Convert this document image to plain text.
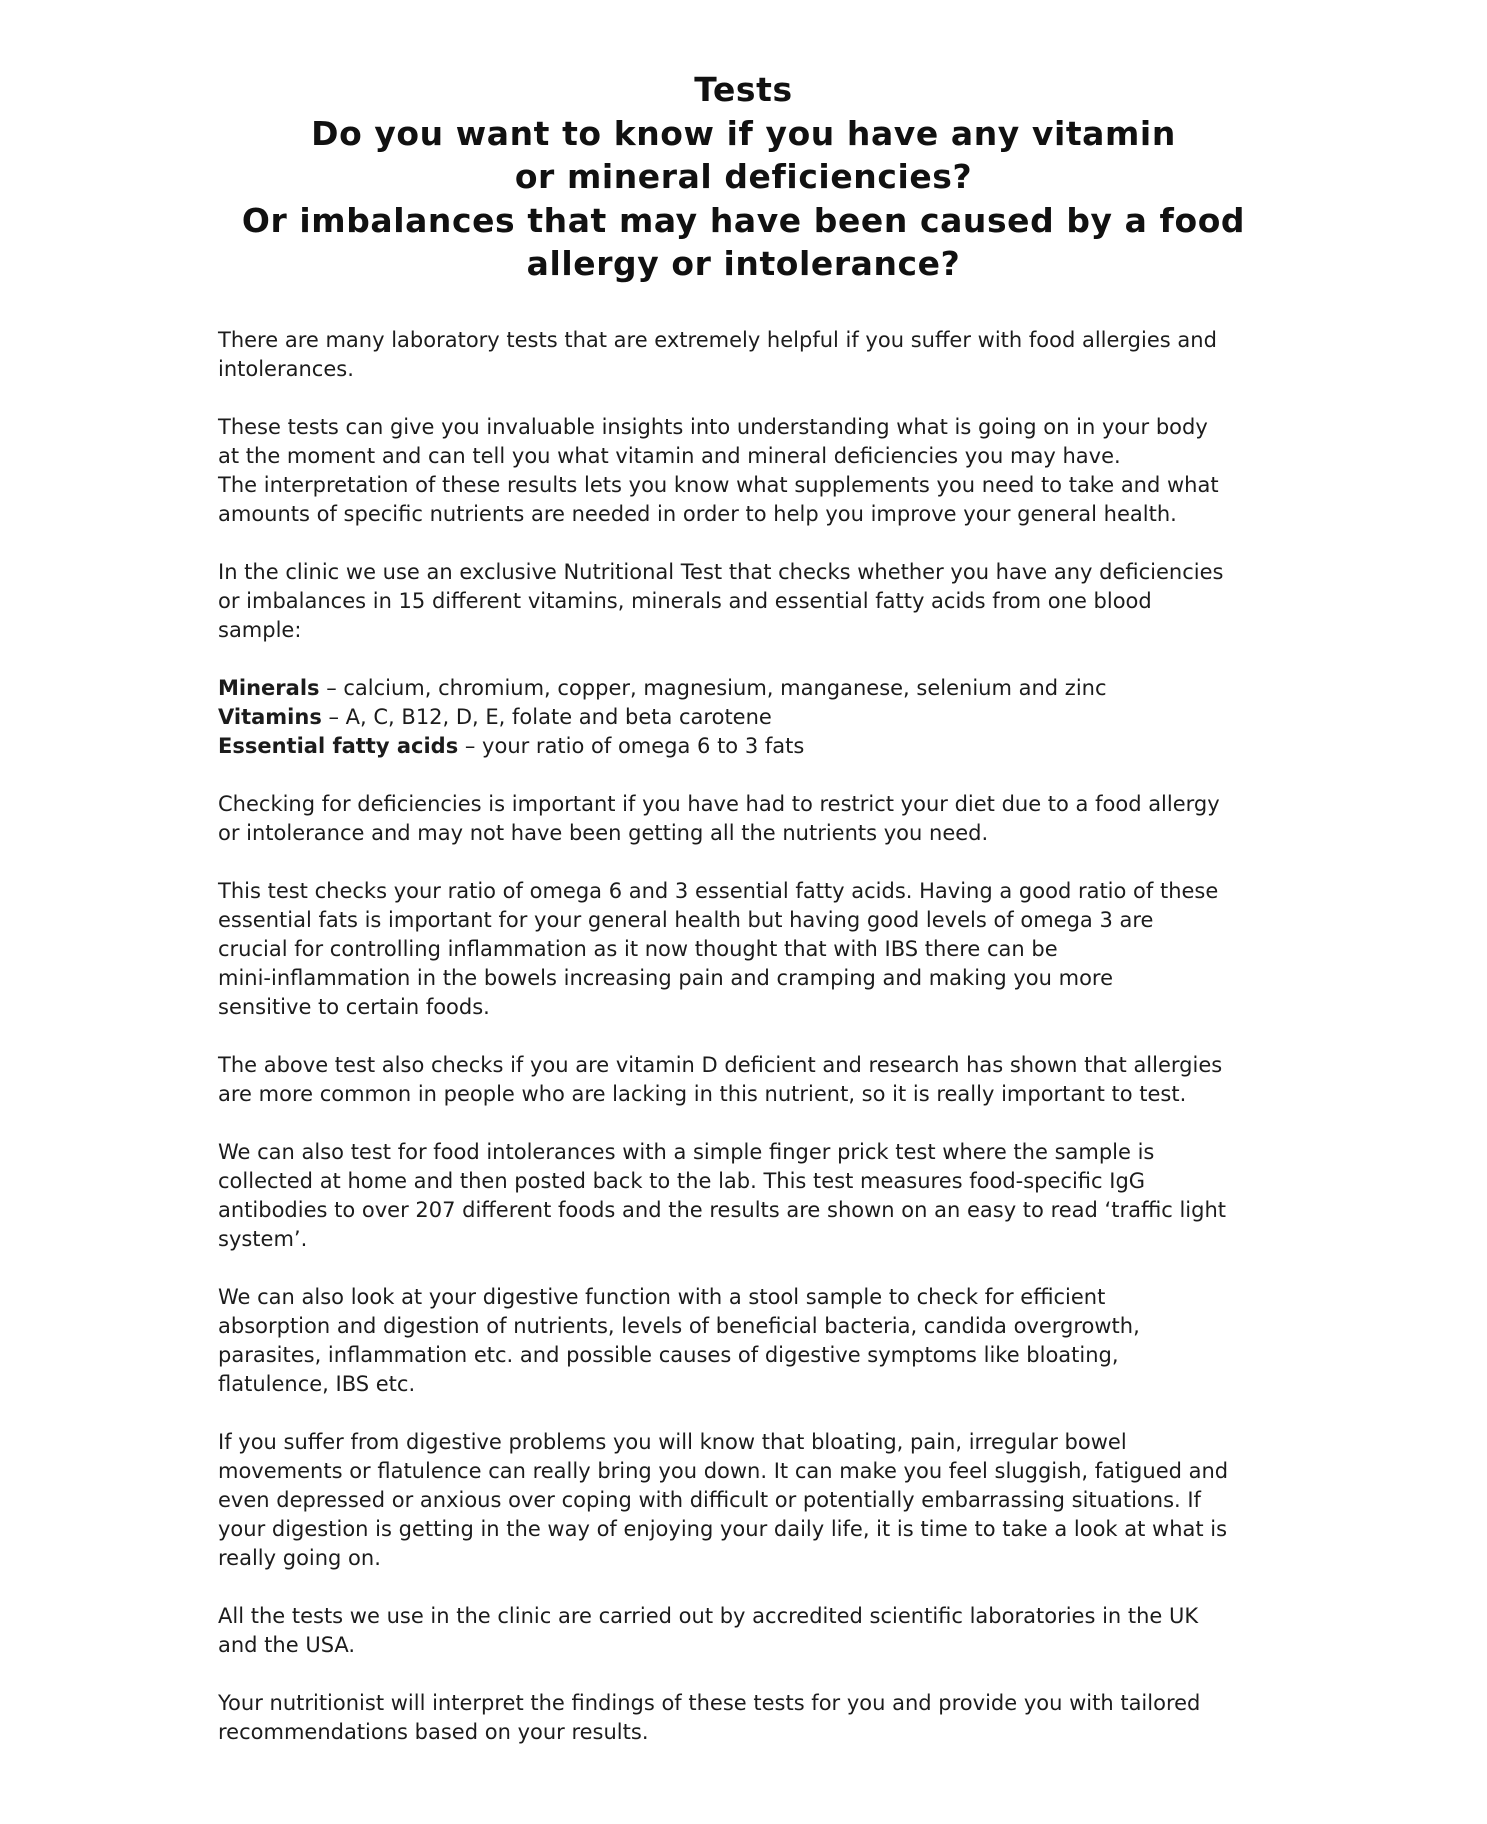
Tests
Do you want to know if you have any vitamin
or mineral deficiencies?
Or imbalances that may have been caused by a food
allergy or intolerance?

There are many laboratory tests that are extremely helpful if you suffer with food allergies and
intolerances.

These tests can give you invaluable insights into understanding what is going on in your body
at the moment and can tell you what vitamin and mineral deficiencies you may have.
The interpretation of these results lets you know what supplements you need to take and what
amounts of specific nutrients are needed in order to help you improve your general health.

In the clinic we use an exclusive Nutritional Test that checks whether you have any deficiencies
or imbalances in 15 different vitamins, minerals and essential fatty acids from one blood
sample:

Minerals – calcium, chromium, copper, magnesium, manganese, selenium and zinc
Vitamins – A, C, B12, D, E, folate and beta carotene
Essential fatty acids – your ratio of omega 6 to 3 fats

Checking for deficiencies is important if you have had to restrict your diet due to a food allergy
or intolerance and may not have been getting all the nutrients you need.

This test checks your ratio of omega 6 and 3 essential fatty acids. Having a good ratio of these
essential fats is important for your general health but having good levels of omega 3 are
crucial for controlling inflammation as it now thought that with IBS there can be
mini-inflammation in the bowels increasing pain and cramping and making you more
sensitive to certain foods.

The above test also checks if you are vitamin D deficient and research has shown that allergies
are more common in people who are lacking in this nutrient, so it is really important to test.

We can also test for food intolerances with a simple finger prick test where the sample is
collected at home and then posted back to the lab. This test measures food-specific IgG
antibodies to over 207 different foods and the results are shown on an easy to read ‘traffic light
system’.

We can also look at your digestive function with a stool sample to check for efficient
absorption and digestion of nutrients, levels of beneficial bacteria, candida overgrowth,
parasites, inflammation etc. and possible causes of digestive symptoms like bloating,
flatulence, IBS etc.

If you suffer from digestive problems you will know that bloating, pain, irregular bowel
movements or flatulence can really bring you down. It can make you feel sluggish, fatigued and
even depressed or anxious over coping with difficult or potentially embarrassing situations. If
your digestion is getting in the way of enjoying your daily life, it is time to take a look at what is
really going on.

All the tests we use in the clinic are carried out by accredited scientific laboratories in the UK
and the USA.

Your nutritionist will interpret the findings of these tests for you and provide you with tailored
recommendations based on your results.
